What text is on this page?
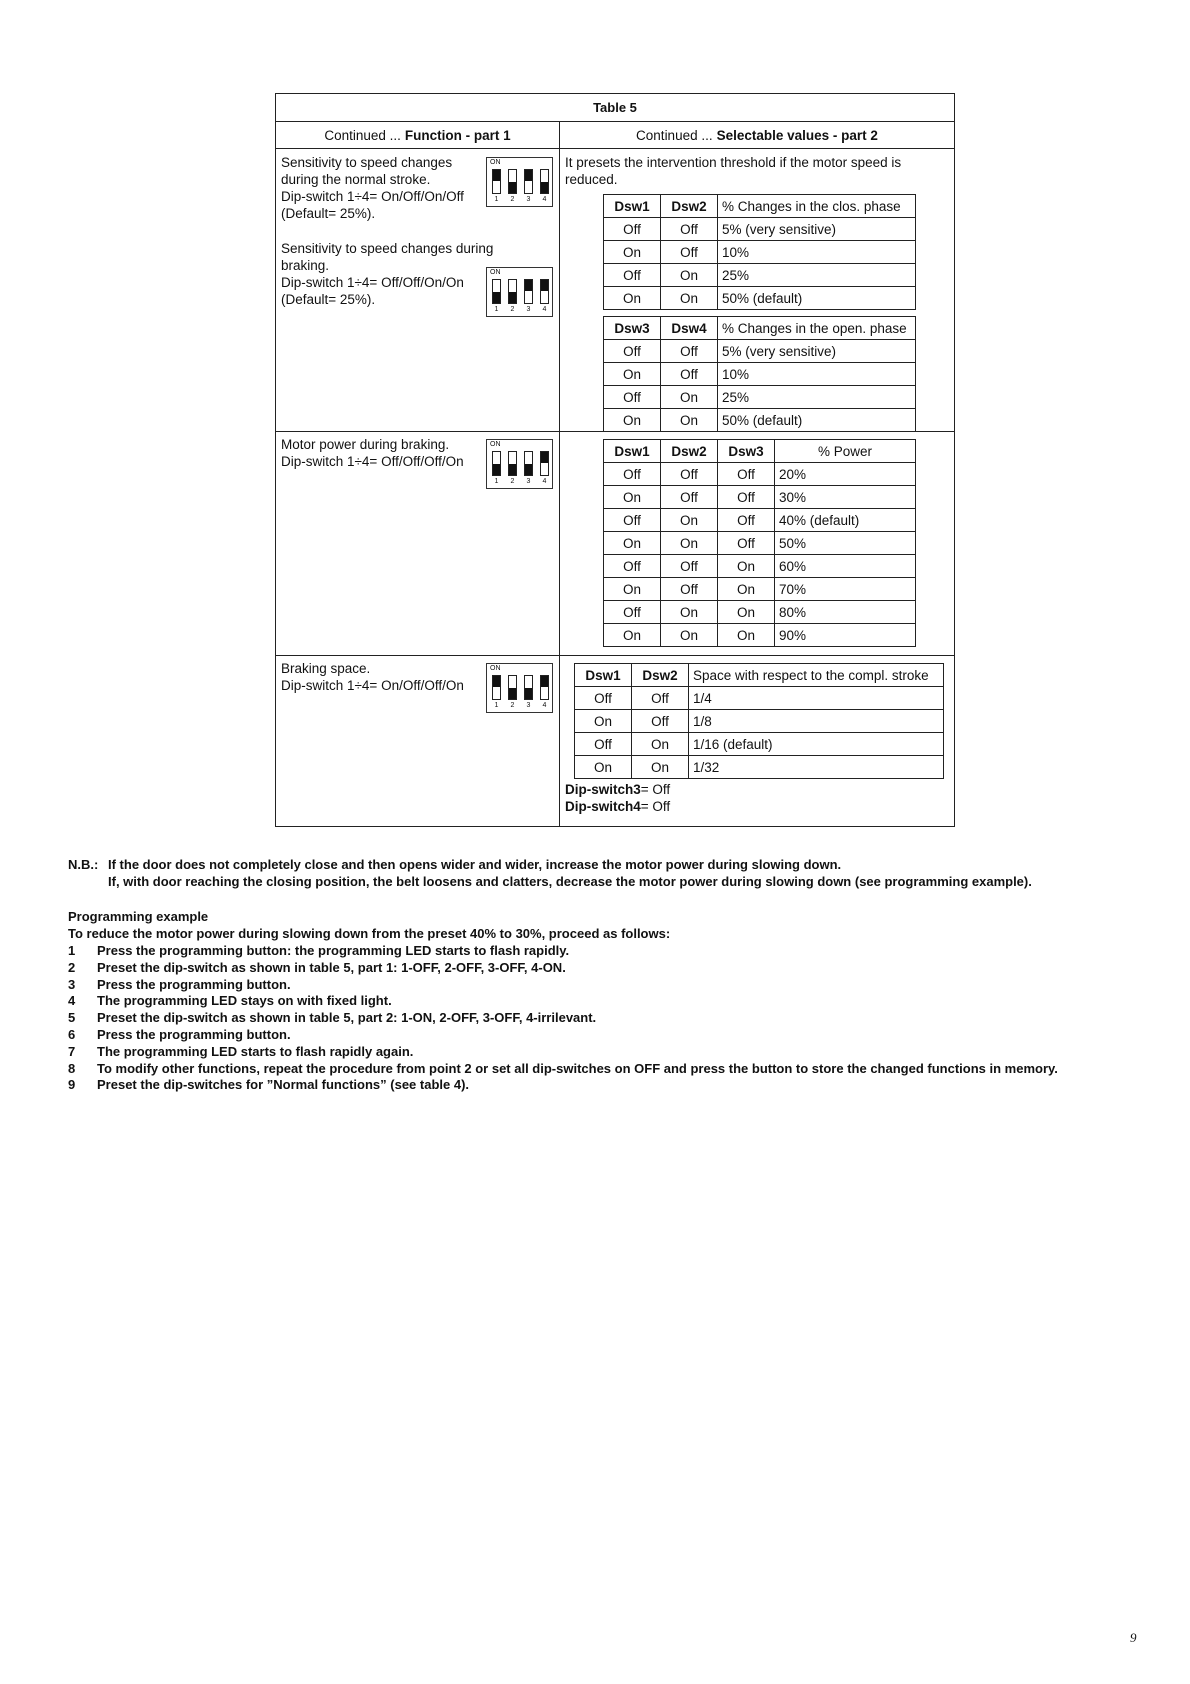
Table 5
Continued ... Function - part 1	Continued ... Selectable values - part 2
Sensitivity to speed changes
during the normal stroke.
Dip-switch 1÷4= On/Off/On/Off
(Default= 25%).
ON
1	2	3	4
Sensitivity to speed changes during
braking.
Dip-switch 1÷4= Off/Off/On/On
(Default= 25%).
ON
1	2	3	4
It presets the intervention threshold if the motor speed is
reduced.
Dsw1	Dsw2	% Changes in the clos. phase
Off	Off	5% (very sensitive)
On	Off	10%
Off	On	25%
On	On	50% (default)
Dsw3	Dsw4	% Changes in the open. phase
Off	Off	5% (very sensitive)
On	Off	10%
Off	On	25%
On	On	50% (default)
Motor power during braking.
Dip-switch 1÷4= Off/Off/Off/On
ON
1	2	3	4
Dsw1	Dsw2	Dsw3	% Power
Off	Off	Off	20%
On	Off	Off	30%
Off	On	Off	40% (default)
On	On	Off	50%
Off	Off	On	60%
On	Off	On	70%
Off	On	On	80%
On	On	On	90%
Braking space.
Dip-switch 1÷4= On/Off/Off/On
ON
1	2	3	4
Dsw1	Dsw2	Space with respect to the compl. stroke
Off	Off	1/4
On	Off	1/8
Off	On	1/16 (default)
On	On	1/32
Dip-switch3= Off
Dip-switch4= Off
N.B.: If the door does not completely close and then opens wider and wider, increase the motor power during slowing down.
If, with door reaching the closing position, the belt loosens and clatters, decrease the motor power during slowing down (see programming example).
Programming example
To reduce the motor power during slowing down from the preset 40% to 30%, proceed as follows:
1	Press the programming button: the programming LED starts to flash rapidly.
2	Preset the dip-switch as shown in table 5, part 1: 1-OFF, 2-OFF, 3-OFF, 4-ON.
3	Press the programming button.
4	The programming LED stays on with fixed light.
5	Preset the dip-switch as shown in table 5, part 2: 1-ON, 2-OFF, 3-OFF, 4-irrilevant.
6	Press the programming button.
7	The programming LED starts to flash rapidly again.
8	To modify other functions, repeat the procedure from point 2 or set all dip-switches on OFF and press the button to store the changed functions in memory.
9	Preset the dip-switches for ”Normal functions” (see table 4).
9
